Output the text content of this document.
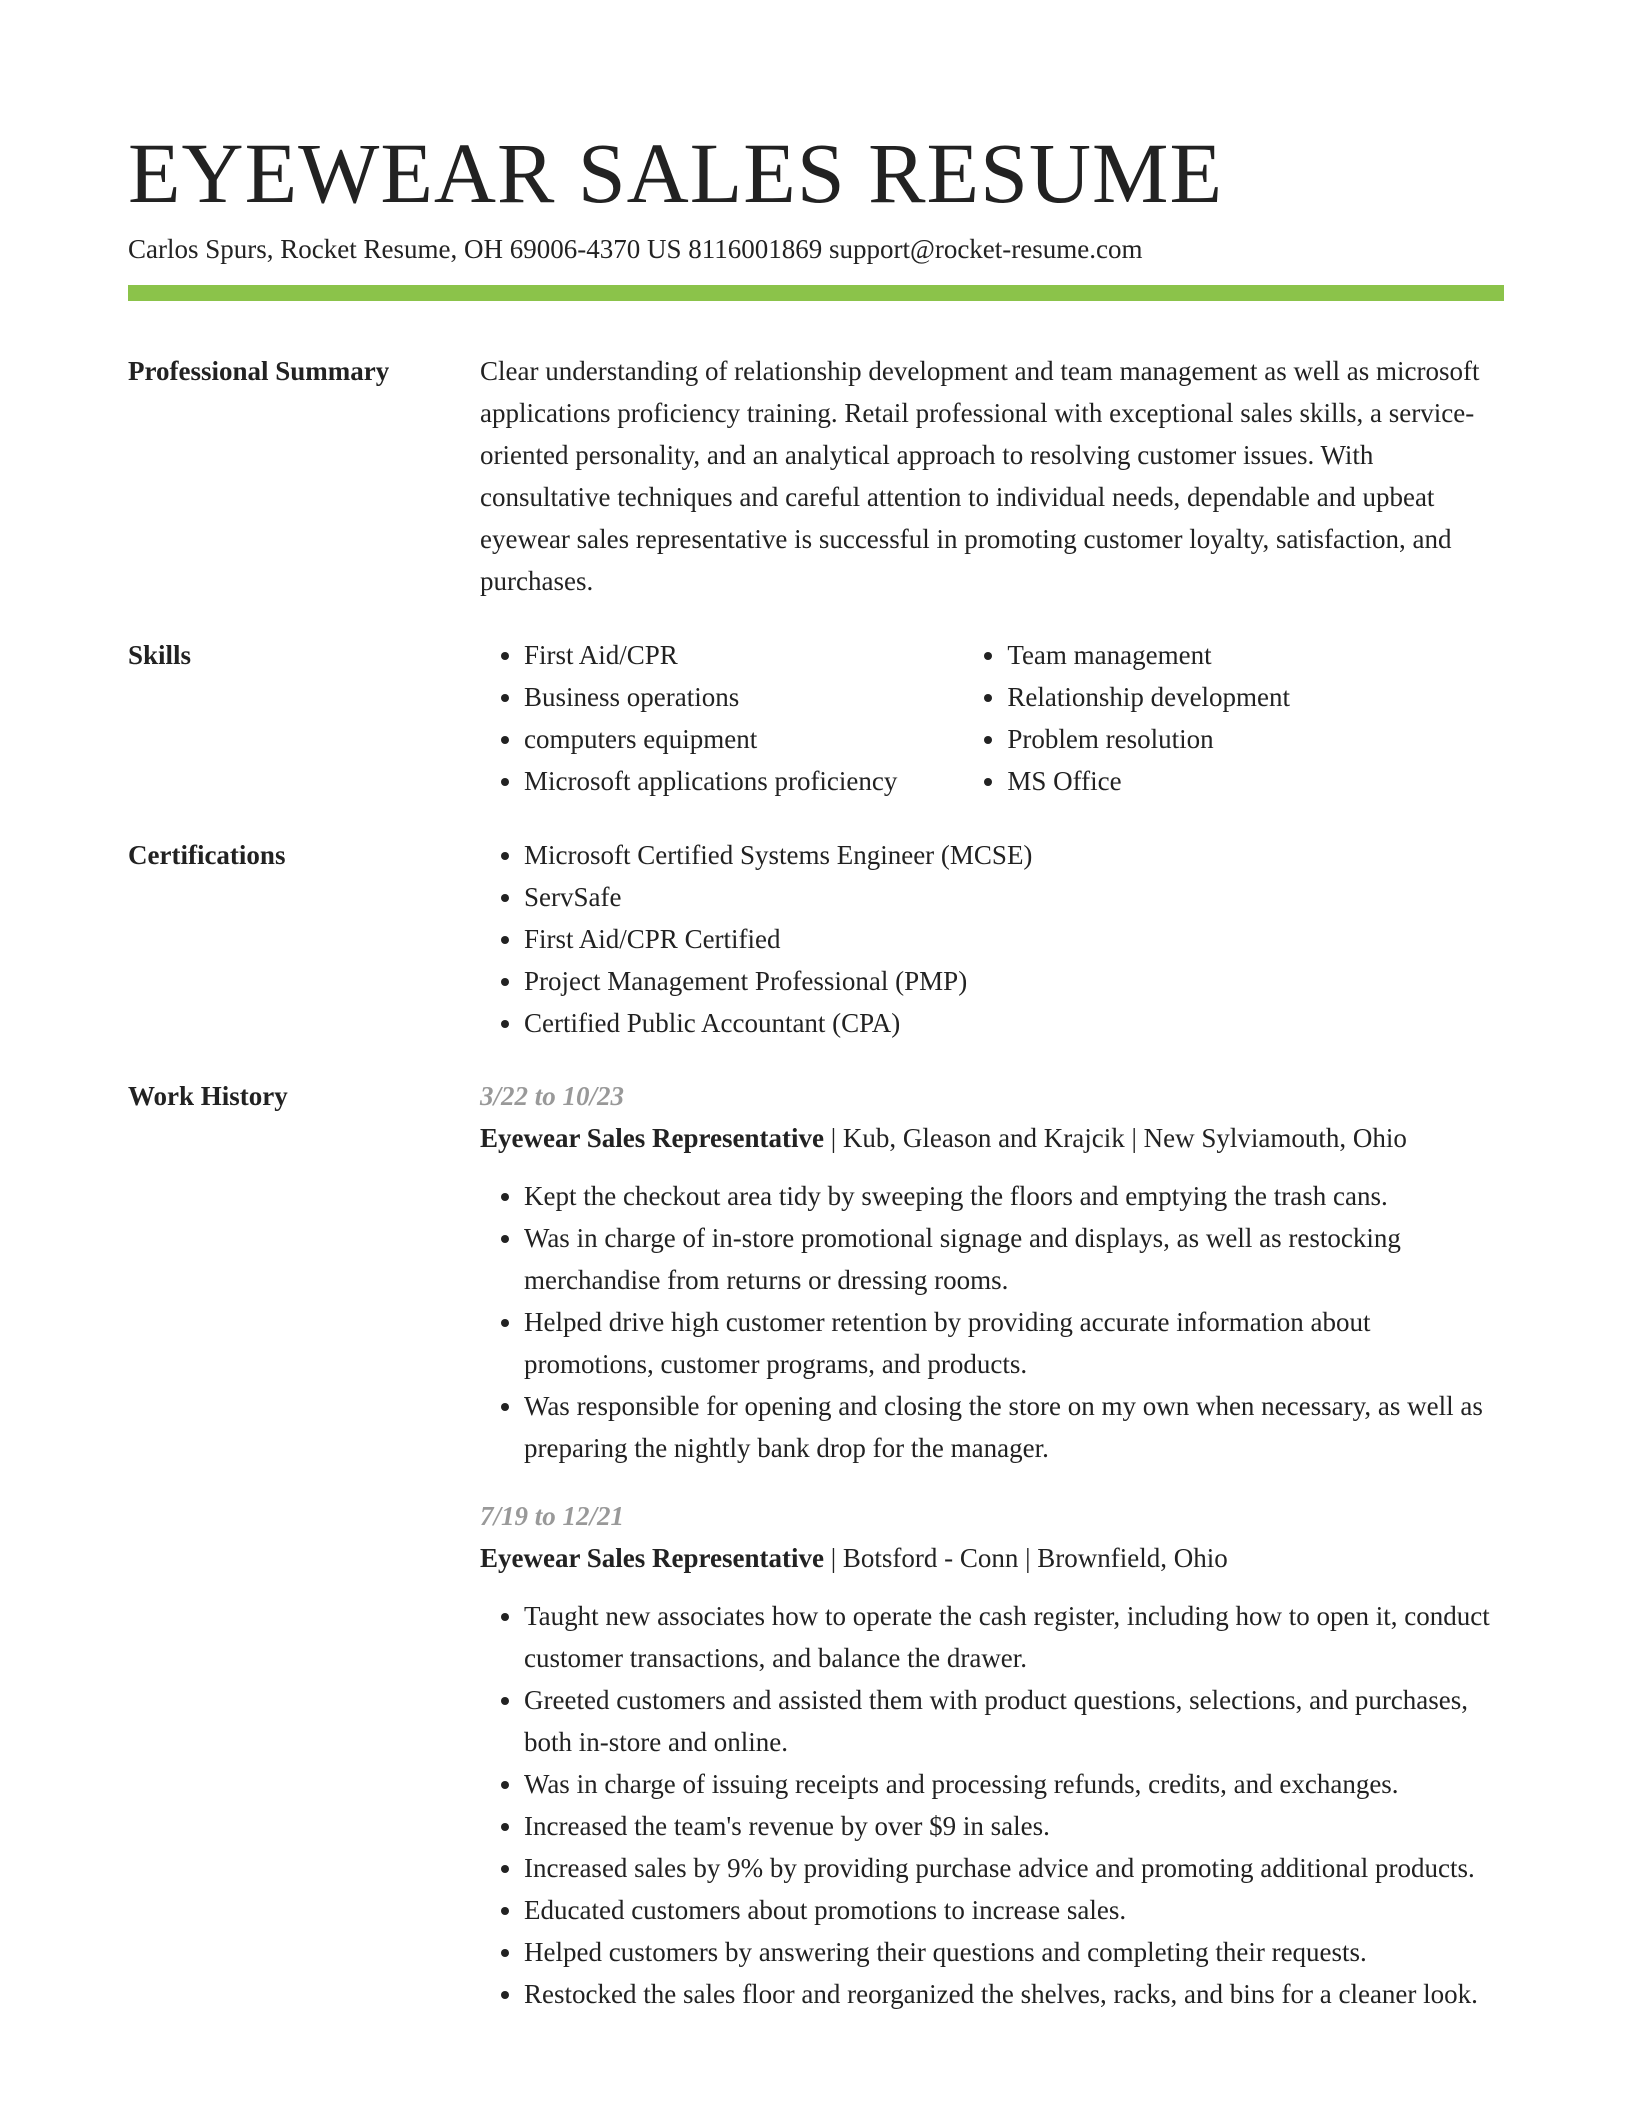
EYEWEAR SALES RESUME
Carlos Spurs, Rocket Resume, OH 69006-4370 US 8116001869 support@rocket-resume.com
Professional Summary	Clear understanding of relationship development and team management as well as microsoft applications proficiency training. Retail professional with exceptional sales skills, a service-oriented personality, and an analytical approach to resolving customer issues. With consultative techniques and careful attention to individual needs, dependable and upbeat eyewear sales representative is successful in promoting customer loyalty, satisfaction, and purchases.

Skills	• First Aid/CPR
• Business operations
• computers equipment
• Microsoft applications proficiency
• Team management
• Relationship development
• Problem resolution
• MS Office
Certifications	• Microsoft Certified Systems Engineer (MCSE)
• ServSafe
• First Aid/CPR Certified
• Project Management Professional (PMP)
• Certified Public Accountant (CPA)
Work History	3/22 to 10/23

Eyewear Sales Representative | Kub, Gleason and Krajcik | New Sylviamouth, Ohio

• Kept the checkout area tidy by sweeping the floors and emptying the trash cans.
• Was in charge of in-store promotional signage and displays, as well as restocking merchandise from returns or dressing rooms.
• Helped drive high customer retention by providing accurate information about promotions, customer programs, and products.
• Was responsible for opening and closing the store on my own when necessary, as well as preparing the nightly bank drop for the manager.

7/19 to 12/21

Eyewear Sales Representative | Botsford - Conn | Brownfield, Ohio

• Taught new associates how to operate the cash register, including how to open it, conduct customer transactions, and balance the drawer.
• Greeted customers and assisted them with product questions, selections, and purchases, both in-store and online.
• Was in charge of issuing receipts and processing refunds, credits, and exchanges.
• Increased the team's revenue by over $9 in sales.
• Increased sales by 9% by providing purchase advice and promoting additional products.
• Educated customers about promotions to increase sales.
• Helped customers by answering their questions and completing their requests.
• Restocked the sales floor and reorganized the shelves, racks, and bins for a cleaner look.
